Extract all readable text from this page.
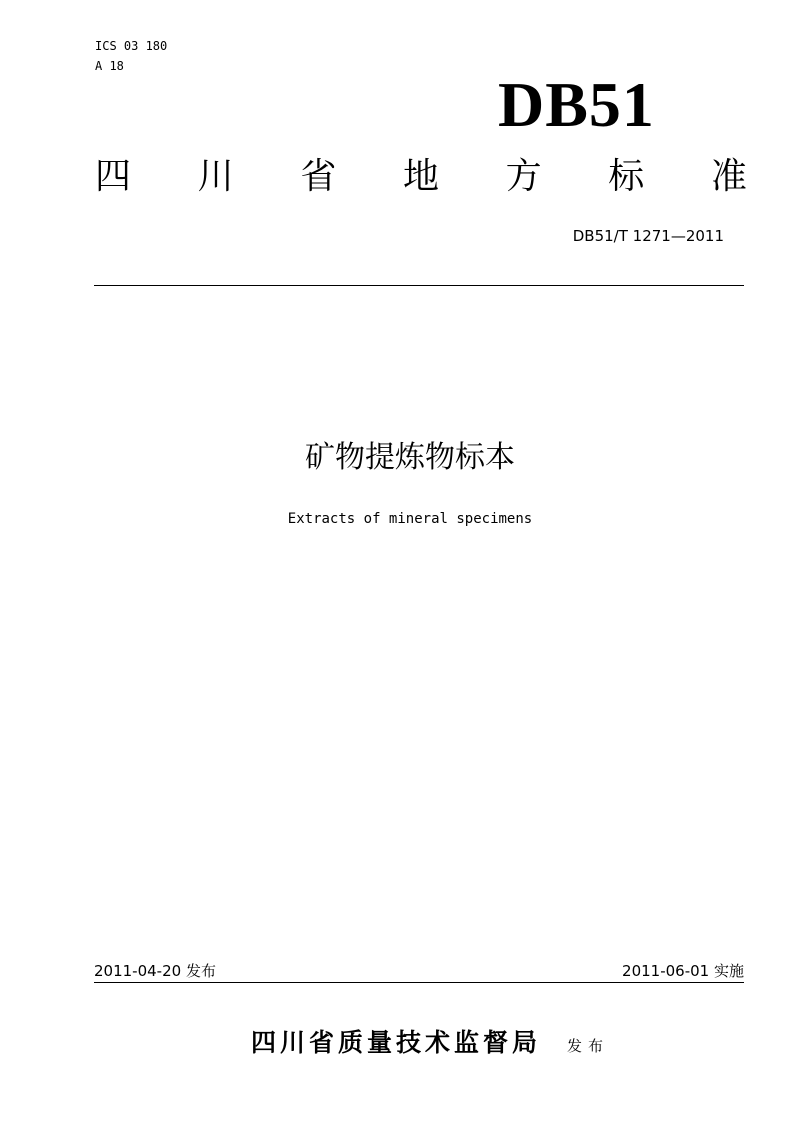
ICS 03 180
A 18
DB51
四 川 省 地 方 标 准
DB51/T 1271—2011
矿物提炼物标本
Extracts of mineral specimens
2011-04-20 发布	2011-06-01 实施
四川省质量技术监督局 发布
